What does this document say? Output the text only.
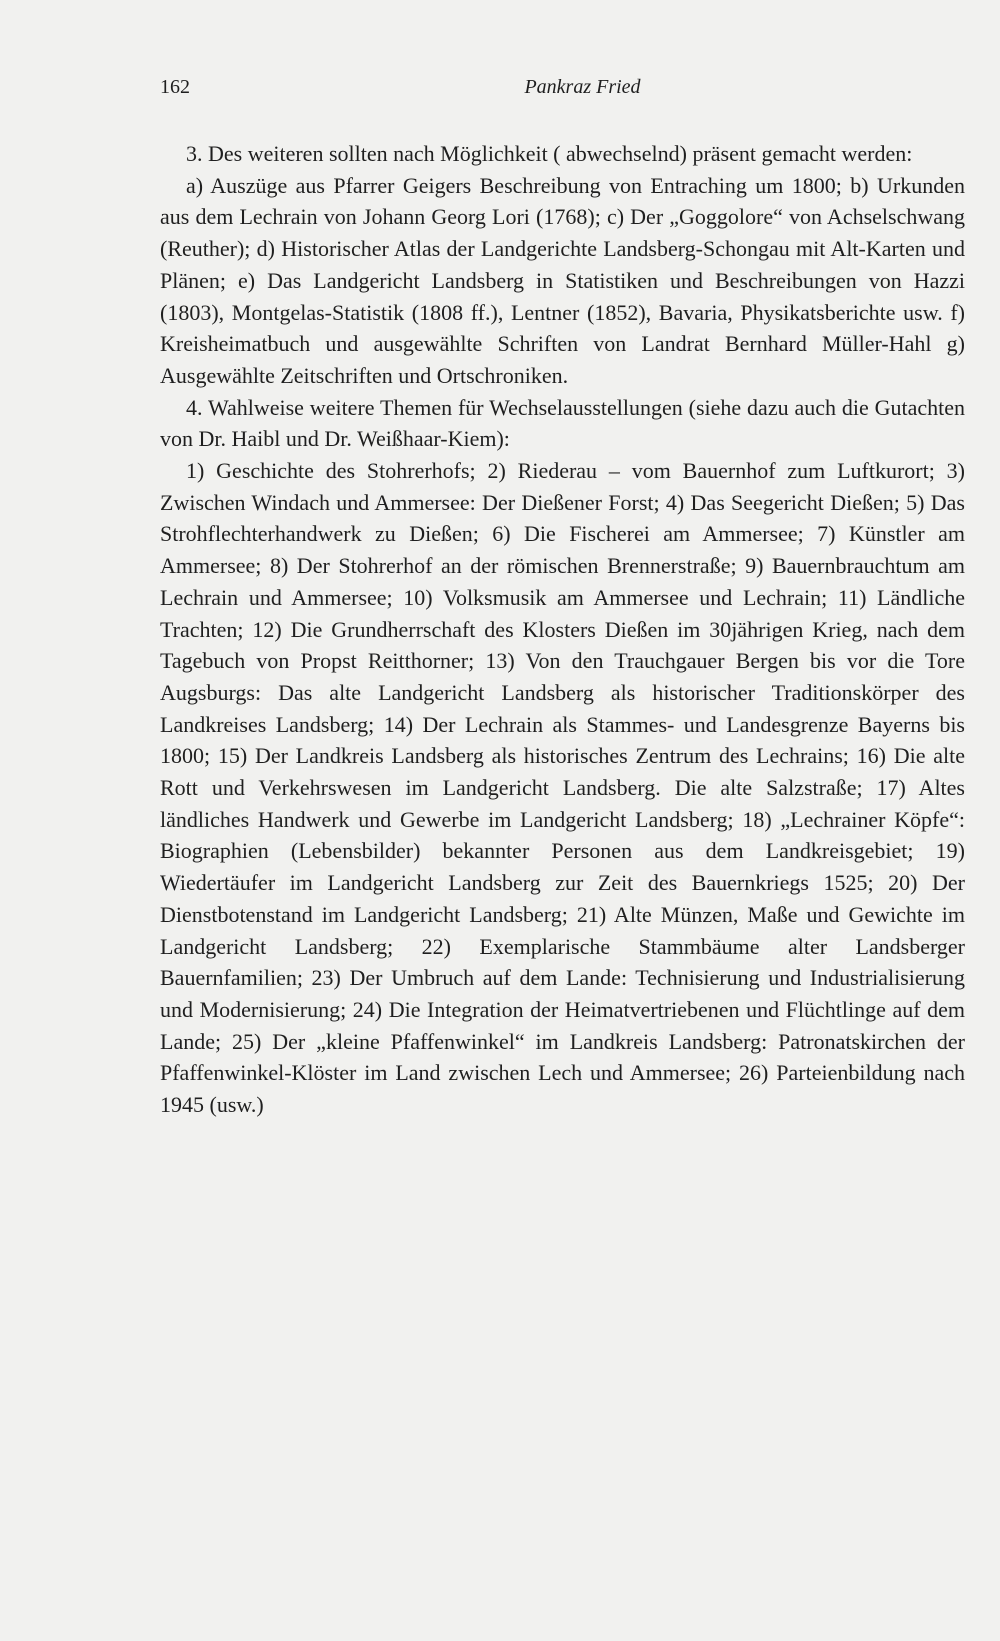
162	Pankraz Fried

3. Des weiteren sollten nach Möglichkeit ( abwechselnd) präsent gemacht werden:

a) Auszüge aus Pfarrer Geigers Beschreibung von Entraching um 1800; b) Urkunden aus dem Lechrain von Johann Georg Lori (1768); c) Der „Goggolore“ von Achselschwang (Reuther); d) Historischer Atlas der Landgerichte Landsberg-Schongau mit Alt-Karten und Plänen; e) Das Landgericht Landsberg in Statistiken und Beschreibungen von Hazzi (1803), Montgelas-Statistik (1808 ff.), Lentner (1852), Bavaria, Physikatsberichte usw. f) Kreisheimatbuch und ausgewählte Schriften von Landrat Bernhard Müller-Hahl g) Ausgewählte Zeitschriften und Ortschroniken.

4. Wahlweise weitere Themen für Wechselausstellungen (siehe dazu auch die Gutachten von Dr. Haibl und Dr. Weißhaar-Kiem):

1) Geschichte des Stohrerhofs; 2) Riederau – vom Bauernhof zum Luftkurort; 3) Zwischen Windach und Ammersee: Der Dießener Forst; 4) Das Seegericht Dießen; 5) Das Strohflechterhandwerk zu Dießen; 6) Die Fischerei am Ammersee; 7) Künstler am Ammersee; 8) Der Stohrerhof an der römischen Brennerstraße; 9) Bauernbrauchtum am Lechrain und Ammersee; 10) Volksmusik am Ammersee und Lechrain; 11) Ländliche Trachten; 12) Die Grundherrschaft des Klosters Dießen im 30jährigen Krieg, nach dem Tagebuch von Propst Reitthorner; 13) Von den Trauchgauer Bergen bis vor die Tore Augsburgs: Das alte Landgericht Landsberg als historischer Traditionskörper des Landkreises Landsberg; 14) Der Lechrain als Stammes- und Landesgrenze Bayerns bis 1800; 15) Der Landkreis Landsberg als historisches Zentrum des Lechrains; 16) Die alte Rott und Verkehrswesen im Landgericht Landsberg. Die alte Salzstraße; 17) Altes ländliches Handwerk und Gewerbe im Landgericht Landsberg; 18) „Lechrainer Köpfe“: Biographien (Lebensbilder) bekannter Personen aus dem Landkreisgebiet; 19) Wiedertäufer im Landgericht Landsberg zur Zeit des Bauernkriegs 1525; 20) Der Dienstbotenstand im Landgericht Landsberg; 21) Alte Münzen, Maße und Gewichte im Landgericht Landsberg; 22) Exemplarische Stammbäume alter Landsberger Bauernfamilien; 23) Der Umbruch auf dem Lande: Technisierung und Industrialisierung und Modernisierung; 24) Die Integration der Heimatvertriebenen und Flüchtlinge auf dem Lande; 25) Der „kleine Pfaffenwinkel“ im Landkreis Landsberg: Patronatskirchen der Pfaffenwinkel-Klöster im Land zwischen Lech und Ammersee; 26) Parteienbildung nach 1945 (usw.)
